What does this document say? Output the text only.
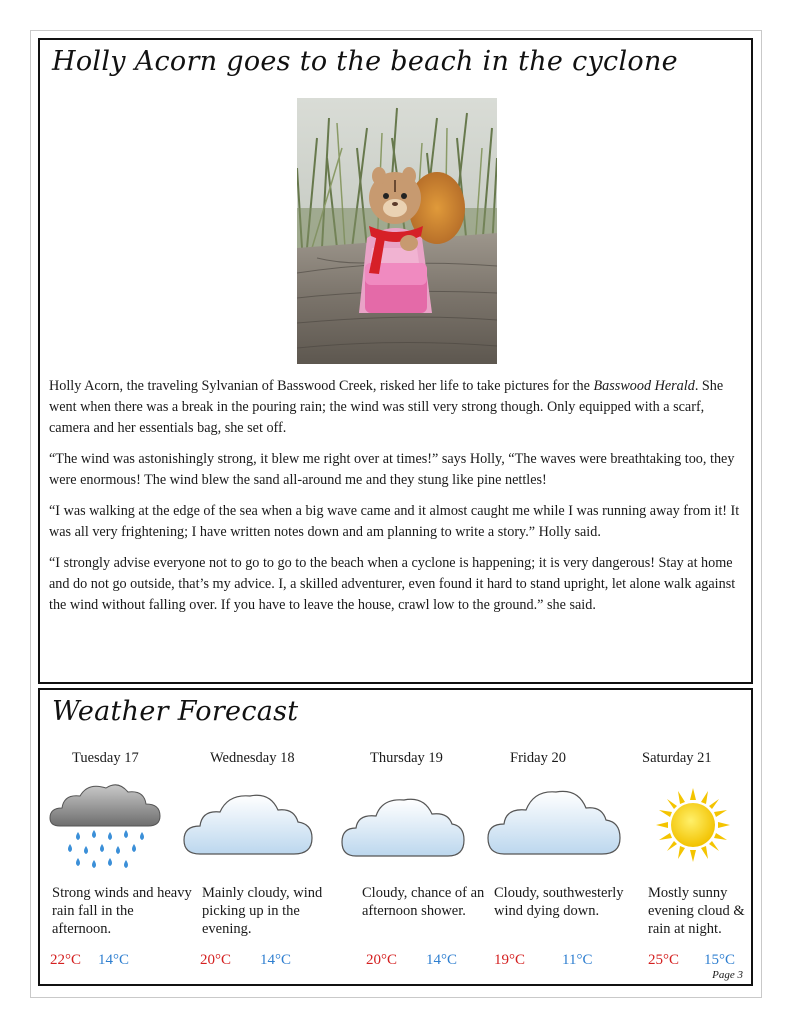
Holly Acorn goes to the beach in the cyclone

Holly Acorn, the traveling Sylvanian of Basswood Creek, risked her life to take pictures for the Basswood Herald. She went when there was a break in the pouring rain; the wind was still very strong though. Only equipped with a scarf, camera and her essentials bag, she set off.

“The wind was astonishingly strong, it blew me right over at times!” says Holly, “The waves were breathtaking too, they were enormous! The wind blew the sand all-around me and they stung like pine nettles!

“I was walking at the edge of the sea when a big wave came and it almost caught me while I was running away from it! It was all very frightening; I have written notes down and am planning to write a story.” Holly said.

“I strongly advise everyone not to go to go to the beach when a cyclone is happening; it is very dangerous! Stay at home and do not go outside, that’s my advice. I, a skilled adventurer, even found it hard to stand upright, let alone walk against the wind without falling over. If you have to leave the house, crawl low to the ground.” she said.

Weather Forecast
Tuesday 17
Strong winds and heavy rain fall in the afternoon.
22°C 14°C
Wednesday 18
Mainly cloudy, wind picking up in the evening.
20°C 14°C
Thursday 19
Cloudy, chance of an afternoon shower.
20°C 14°C
Friday 20
Cloudy, southwesterly wind dying down.
19°C 11°C
Saturday 21
Mostly sunny evening cloud & rain at night.
25°C 15°C
Page 3
